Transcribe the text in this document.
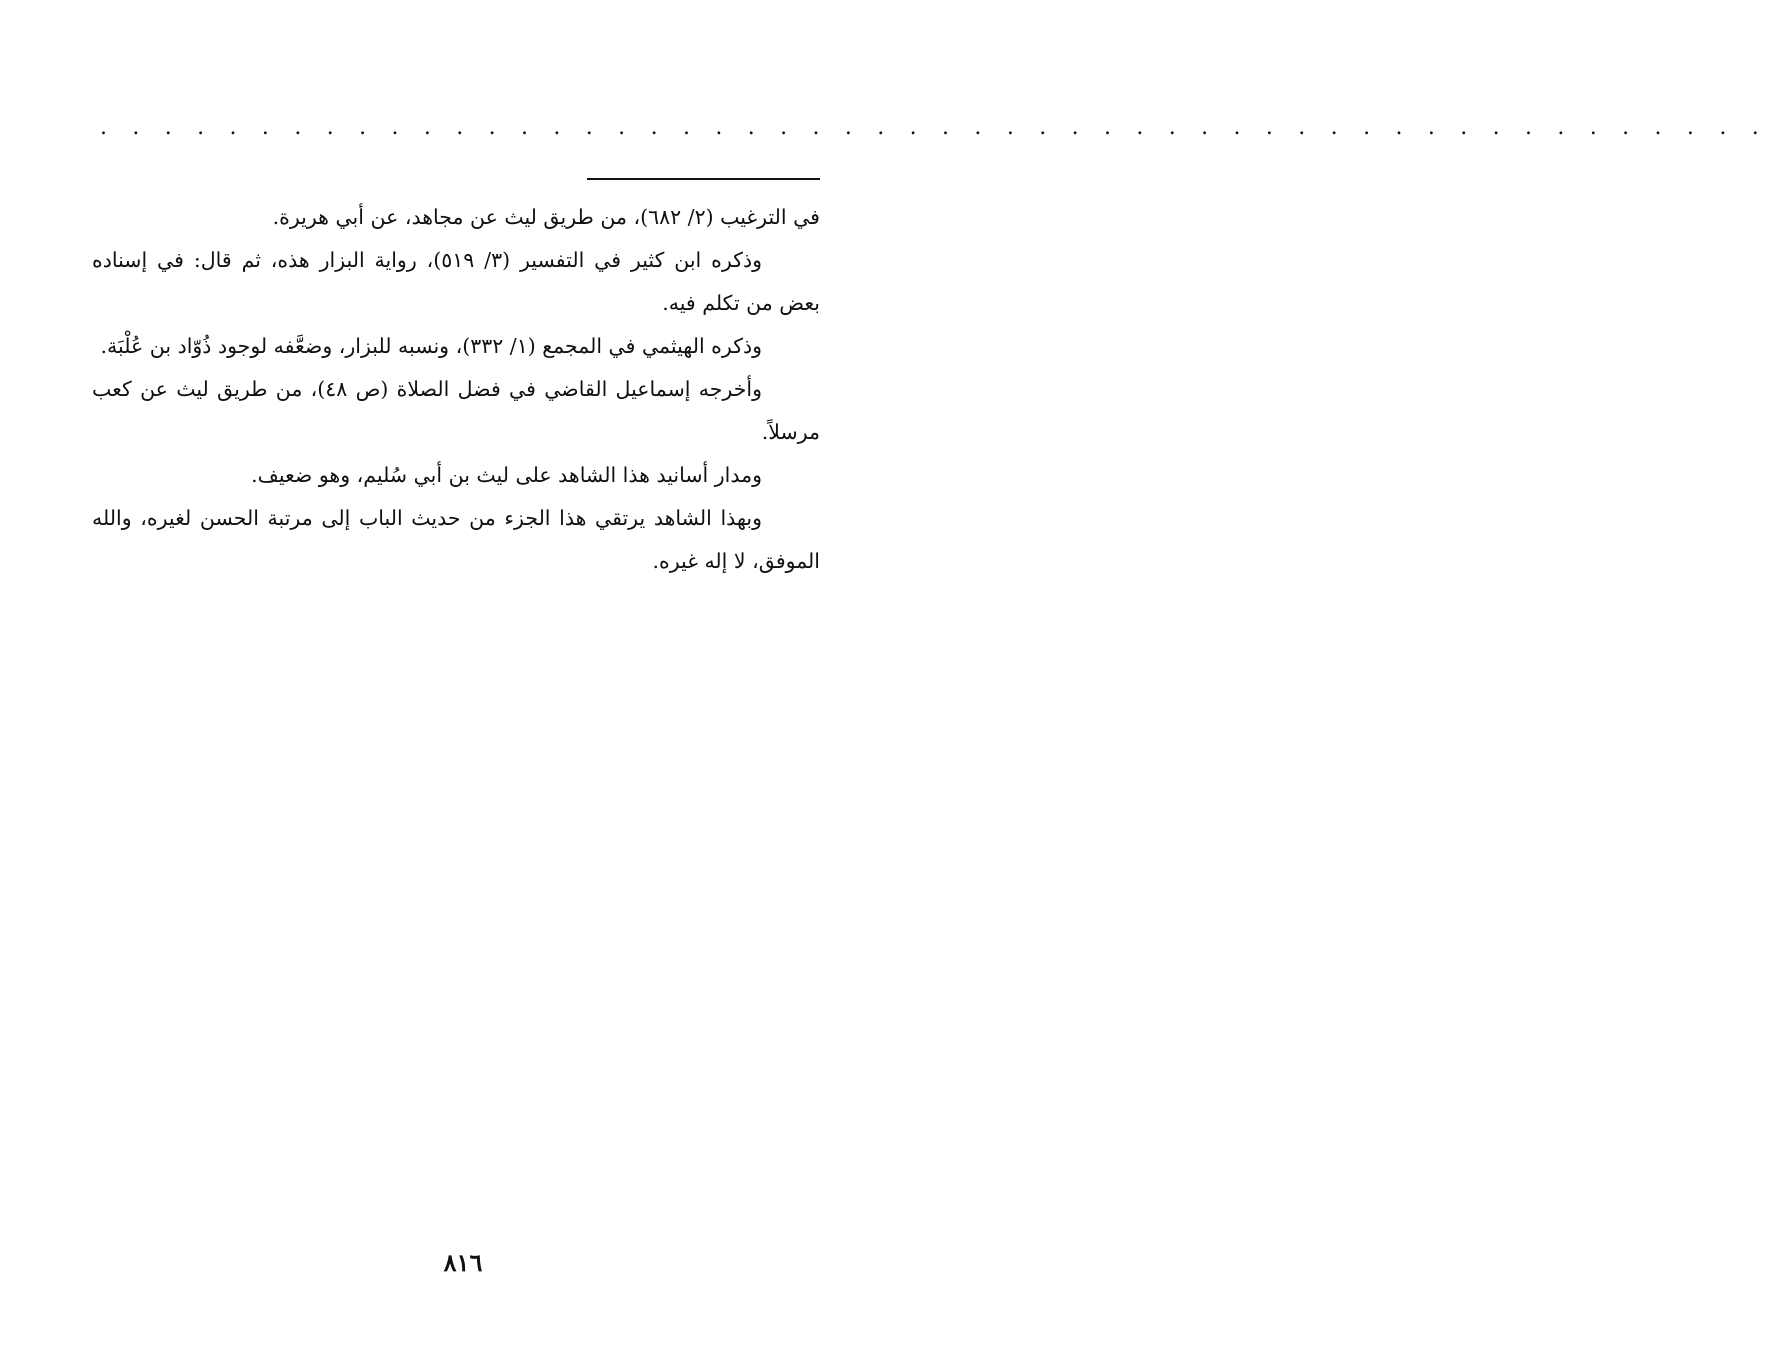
. . . . . . . . . . . . . . . . . . . . . . . . . . . . . . . . . . . . . . . . . . . . . . . . . . . .

في الترغيب (٢/ ٦٨٢)، من طريق ليث عن مجاهد، عن أبي هريرة.

وذكره ابن كثير في التفسير (٣/ ٥١٩)، رواية البزار هذه، ثم قال: في إسناده بعض من تكلم فيه.

وذكره الهيثمي في المجمع (١/ ٣٣٢)، ونسبه للبزار، وضعَّفه لوجود ذُوّاد بن عُلْبَة.

وأخرجه إسماعيل القاضي في فضل الصلاة (ص ٤٨)، من طريق ليث عن كعب مرسلاً.

ومدار أسانيد هذا الشاهد على ليث بن أبي سُليم، وهو ضعيف.

وبهذا الشاهد يرتقي هذا الجزء من حديث الباب إلى مرتبة الحسن لغيره، والله الموفق، لا إله غيره.

٨١٦
